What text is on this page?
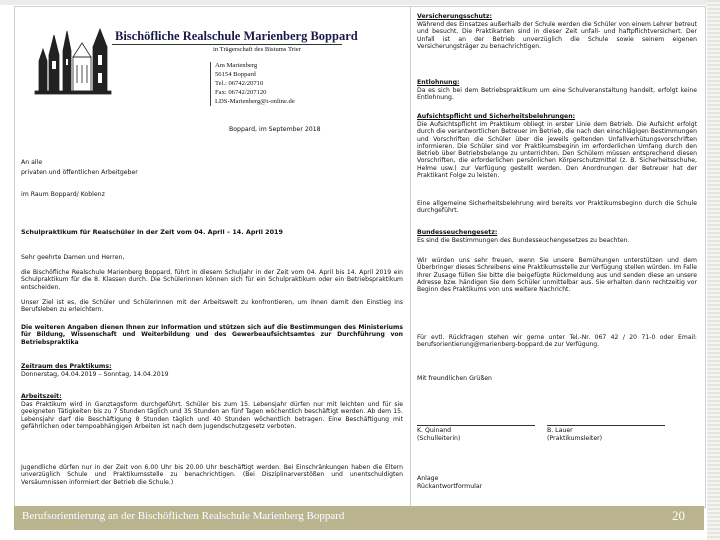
Bischöfliche Realschule Marienberg Boppard
in Trägerschaft des Bistums Trier
Am Marienberg
56154 Boppard
Tel.: 06742/20710
Fax: 06742/207120
LDS-Marienberg@t-online.de
Boppard, im September 2018
An alle
privaten und öffentlichen Arbeitgeber
im Raum Boppard/ Koblenz
Schulpraktikum für Realschüler in der Zeit vom 04. April – 14. April 2019
Sehr geehrte Damen und Herren,
die Bischöfliche Realschule Marienberg Boppard, führt in diesem Schuljahr in der Zeit vom 04. April bis 14. April 2019 ein Schulpraktikum für die 8. Klassen durch. Die Schülerinnen können sich für ein Schulpraktikum oder ein Betriebspraktikum entscheiden.
Unser Ziel ist es, die Schüler und Schülerinnen mit der Arbeitswelt zu konfrontieren, um ihnen damit den Einstieg ins Berufsleben zu erleichtern.
Die weiteren Angaben dienen Ihnen zur Information und stützen sich auf die Bestimmungen des Ministeriums für Bildung, Wissenschaft und Weiterbildung und des Gewerbeaufsichtsamtes zur Durchführung von Betriebspraktika
Zeitraum des Praktikums:
Donnerstag, 04.04.2019 – Sonntag, 14.04.2019
Arbeitszeit:
Das Praktikum wird in Ganztagsform durchgeführt. Schüler bis zum 15. Lebensjahr dürfen nur mit leichten und für sie geeigneten Tätigkeiten bis zu 7 Stunden täglich und 35 Stunden an fünf Tagen wöchentlich beschäftigt werden. Ab dem 15. Lebensjahr darf die Beschäftigung 8 Stunden täglich und 40 Stunden wöchentlich betragen. Eine Beschäftigung mit gefährlichen oder tempoabhängigen Arbeiten ist nach dem Jugendschutzgesetz verboten.
Jugendliche dürfen nur in der Zeit von 6.00 Uhr bis 20.00 Uhr beschäftigt werden. Bei Einschränkungen haben die Eltern unverzüglich Schule und Praktikumsstelle zu benachrichtigen. (Bei Disziplinarverstößen und unentschuldigten Versäumnissen informiert der Betrieb die Schule.)
Versicherungsschutz:
Während des Einsatzes außerhalb der Schule werden die Schüler von einem Lehrer betreut und besucht. Die Praktikanten sind in dieser Zeit unfall- und haftpflichtversichert. Der Unfall ist an der Betrieb unverzüglich die Schule sowie seinem eigenen Versicherungsträger zu benachrichtigen.
Entlohnung:
Da es sich bei dem Betriebspraktikum um eine Schulveranstaltung handelt, erfolgt keine Entlohnung.
Aufsichtspflicht und Sicherheitsbelehrungen:
Die Aufsichtspflicht im Praktikum obliegt in erster Linie dem Betrieb. Die Aufsicht erfolgt durch die verantwortlichen Betreuer im Betrieb, die nach den einschlägigen Bestimmungen und Vorschriften die Schüler über die jeweils geltenden Unfallverhütungsvorschriften informieren. Die Schüler sind vor Praktikumsbeginn im erforderlichen Umfang durch den Betrieb über Betriebsbelange zu unterrichten. Den Schülern müssen entsprechend diesen Vorschriften, die erforderlichen persönlichen Körperschutzmittel (z. B. Sicherheitsschuhe, Helme usw.) zur Verfügung gestellt werden. Den Anordnungen der Betreuer hat der Praktikant Folge zu leisten.
Eine allgemeine Sicherheitsbelehrung wird bereits vor Praktikumsbeginn durch die Schule durchgeführt.
Bundesseuchengesetz:
Es sind die Bestimmungen des Bundesseuchengesetzes zu beachten.
Wir würden uns sehr freuen, wenn Sie unsere Bemühungen unterstützen und dem Überbringer dieses Schreibens eine Praktikumsstelle zur Verfügung stellen würden. Im Falle Ihrer Zusage füllen Sie bitte die beigefügte Rückmeldung aus und senden diese an unsere Adresse bzw. händigen Sie dem Schüler unmittelbar aus. Sie erhalten dann rechtzeitig vor Beginn des Praktikums von uns weitere Nachricht.
Für evtl. Rückfragen stehen wir gerne unter Tel.-Nr. 067 42 / 20 71-0 oder Email: berufsorientierung@marienberg-boppard.de zur Verfügung.
Mit freundlichen Grüßen
K. Quinand
(Schulleiterin)
B. Lauer
(Praktikumsleiter)
Anlage
Rückantwortformular
Berufsorientierung an der Bischöflichen Realschule Marienberg Boppard	20
